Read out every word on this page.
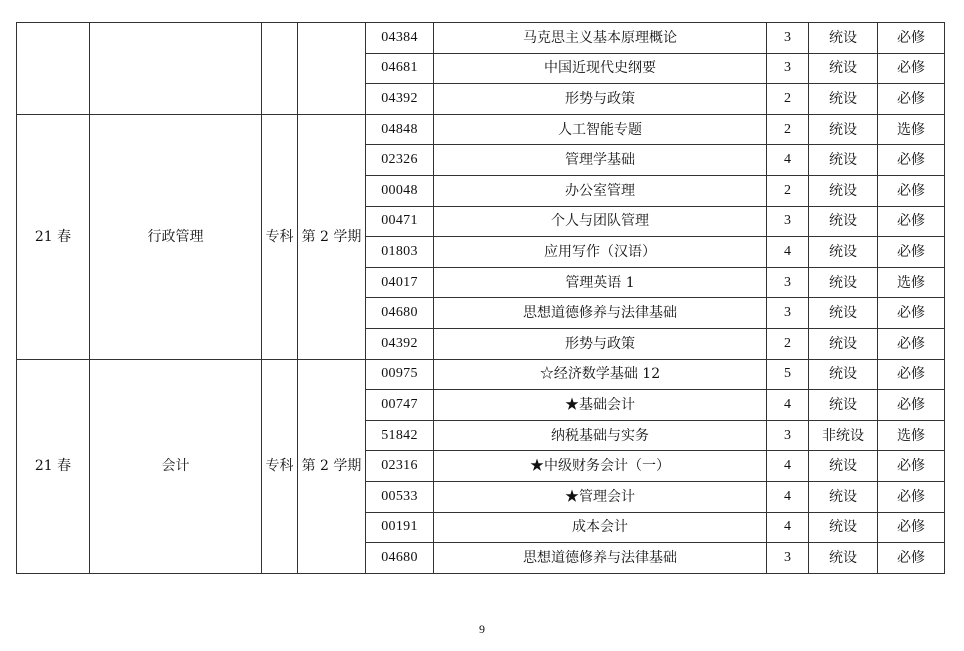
				04384	马克思主义基本原理概论	3	统设	必修
				04681	中国近现代史纲要	3	统设	必修
				04392	形势与政策	2	统设	必修
21 春	行政管理	专科	第 2 学期	04848	人工智能专题	2	统设	选修
				02326	管理学基础	4	统设	必修
				00048	办公室管理	2	统设	必修
				00471	个人与团队管理	3	统设	必修
				01803	应用写作（汉语）	4	统设	必修
				04017	管理英语 1	3	统设	选修
				04680	思想道德修养与法律基础	3	统设	必修
				04392	形势与政策	2	统设	必修
21 春	会计	专科	第 2 学期	00975	☆经济数学基础 12	5	统设	必修
				00747	★基础会计	4	统设	必修
				51842	纳税基础与实务	3	非统设	选修
				02316	★中级财务会计（一）	4	统设	必修
				00533	★管理会计	4	统设	必修
				00191	成本会计	4	统设	必修
				04680	思想道德修养与法律基础	3	统设	必修
9
